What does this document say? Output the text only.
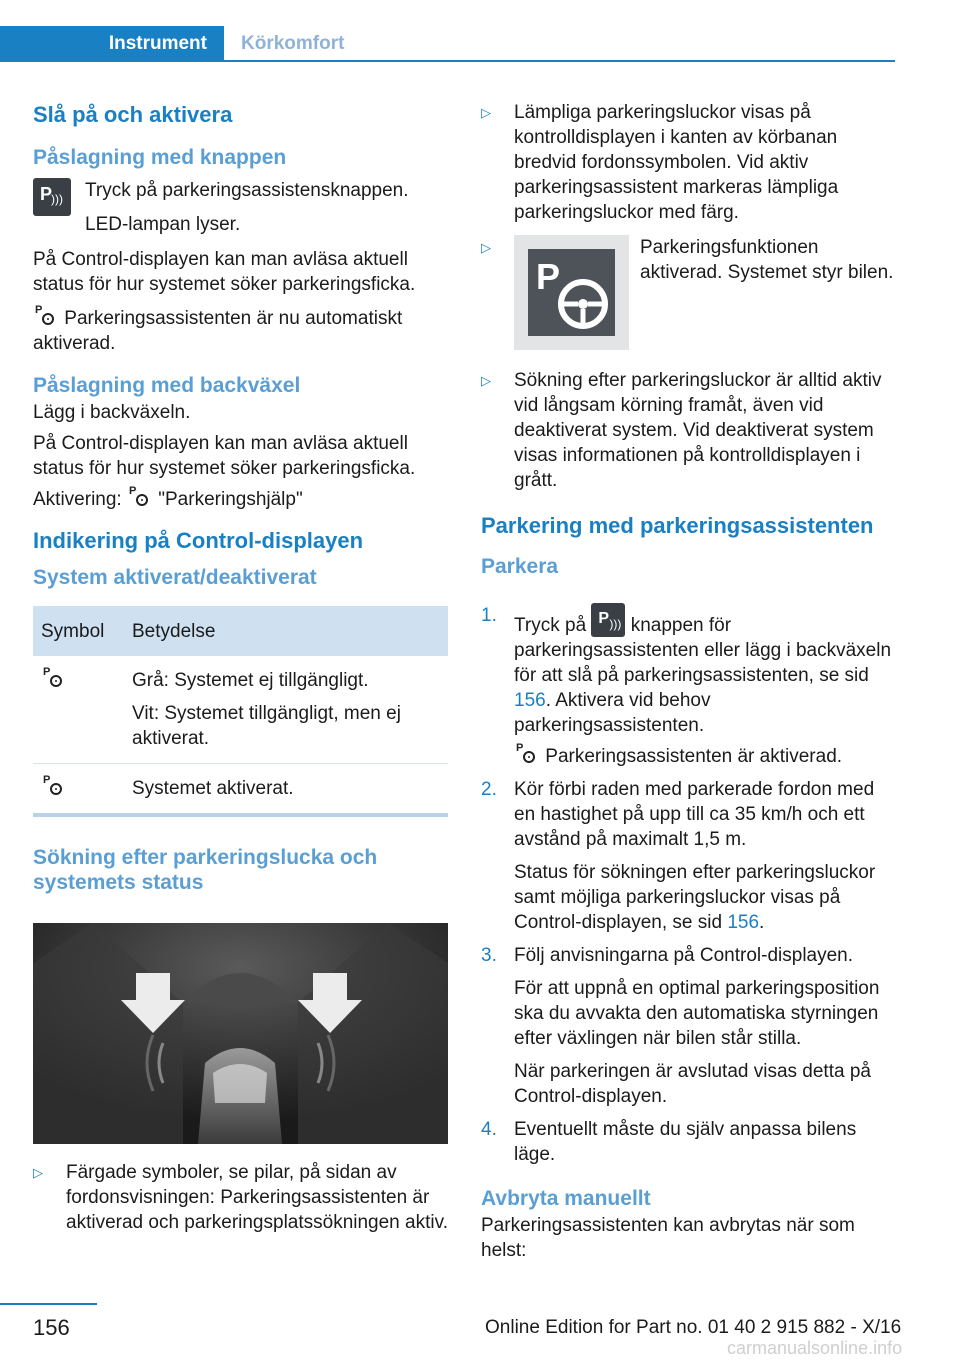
Instrument	Körkomfort
Slå på och aktivera
Påslagning med knappen
P
))) Tryck på parkeringsassistensknappen.
LED-lampan lyser.

På Control-displayen kan man avläsa aktuell status för hur systemet söker parkeringsficka.

P Parkeringsassistenten är nu automatiskt aktiverad.

Påslagning med backväxel

Lägg i backväxeln.

På Control-displayen kan man avläsa aktuell status för hur systemet söker parkeringsficka.

Aktivering: P "Parkeringshjälp"

Indikering på Control-displayen
System aktiverat/deaktiverat
Symbol	Betydelse

P	Grå: Systemet ej tillgängligt.
Vit: Systemet tillgängligt, men ej aktiverat.

P	Systemet aktiverat.
Sökning efter parkeringslucka och systemets status
▷ Färgade symboler, se pilar, på sidan av fordonsvisningen: Parkeringsassistenten är aktiverad och parkeringsplatssökningen aktiv.
▷ Lämpliga parkeringsluckor visas på kontrolldisplayen i kanten av körbanan bredvid fordonssymbolen. Vid aktiv parkeringsassistent markeras lämpliga parkeringsluckor med färg.
▷
P
Parkeringsfunktionen aktiverad. Systemet styr bilen.
▷ Sökning efter parkeringsluckor är alltid aktiv vid långsam körning framåt, även vid deaktiverat system. Vid deaktiverat system visas informationen på kontrolldisplayen i grått.
Parkering med parkeringsassistenten
Parkera
1. Tryck på P ))) knappen för parkeringsassistenten eller lägg i backväxeln för att slå på parkeringsassistenten, se sid 156. Aktivera vid behov parkeringsassistenten.
P Parkeringsassistenten är aktiverad.
2. Kör förbi raden med parkerade fordon med en hastighet på upp till ca 35 km/h och ett avstånd på maximalt 1,5 m.
Status för sökningen efter parkeringsluckor samt möjliga parkeringsluckor visas på Control-displayen, se sid 156.
3. Följ anvisningarna på Control-displayen.
För att uppnå en optimal parkeringsposition ska du avvakta den automatiska styrningen efter växlingen när bilen står stilla.
När parkeringen är avslutad visas detta på Control-displayen.
4. Eventuellt måste du själv anpassa bilens läge.
Avbryta manuellt

Parkeringsassistenten kan avbrytas när som helst:

156	Online Edition for Part no. 01 40 2 915 882 - X/16
carmanualsonline.info
